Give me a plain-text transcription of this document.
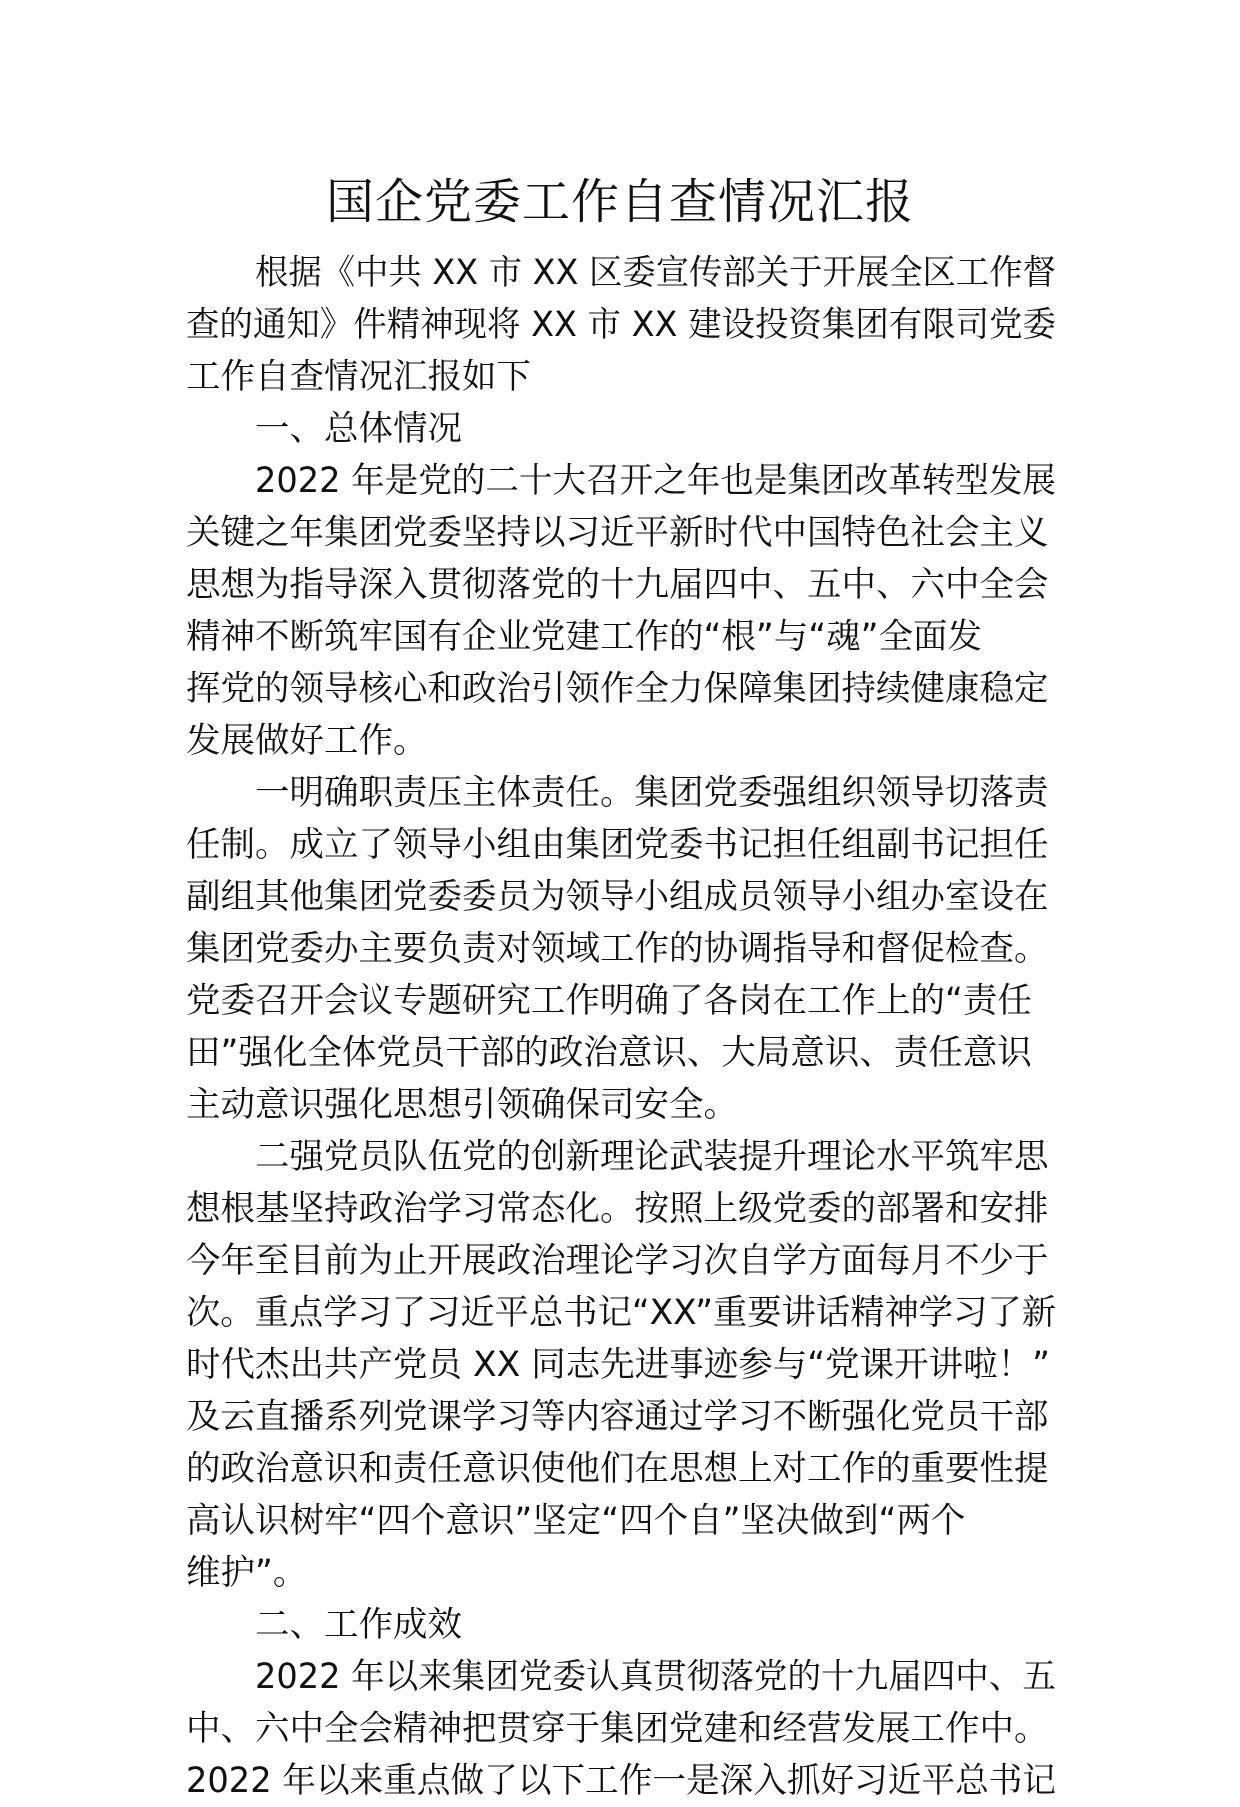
国企党委工作自查情况汇报
根据《中共 XX 市 XX 区委宣传部关于开展全区工作督
查的通知》件精神现将 XX 市 XX 建设投资集团有限司党委
工作自查情况汇报如下
一、总体情况
2022 年是党的二十大召开之年也是集团改革转型发展
关键之年集团党委坚持以习近平新时代中国特色社会主义
思想为指导深入贯彻落党的十九届四中、五中、六中全会
精神不断筑牢国有企业党建工作的“根”与“魂”全面发
挥党的领导核心和政治引领作全力保障集团持续健康稳定
发展做好工作。
一明确职责压主体责任。集团党委强组织领导切落责
任制。成立了领导小组由集团党委书记担任组副书记担任
副组其他集团党委委员为领导小组成员领导小组办室设在
集团党委办主要负责对领域工作的协调指导和督促检查。
党委召开会议专题研究工作明确了各岗在工作上的“责任
田”强化全体党员干部的政治意识、大局意识、责任意识
主动意识强化思想引领确保司安全。
二强党员队伍党的创新理论武装提升理论水平筑牢思
想根基坚持政治学习常态化。按照上级党委的部署和安排
今年至目前为止开展政治理论学习次自学方面每月不少于
次。重点学习了习近平总书记“XX”重要讲话精神学习了新
时代杰出共产党员 XX 同志先进事迹参与“党课开讲啦！”
及云直播系列党课学习等内容通过学习不断强化党员干部
的政治意识和责任意识使他们在思想上对工作的重要性提
高认识树牢“四个意识”坚定“四个自”坚决做到“两个
维护”。
二、工作成效
2022 年以来集团党委认真贯彻落党的十九届四中、五
中、六中全会精神把贯穿于集团党建和经营发展工作中。
2022 年以来重点做了以下工作一是深入抓好习近平总书记
